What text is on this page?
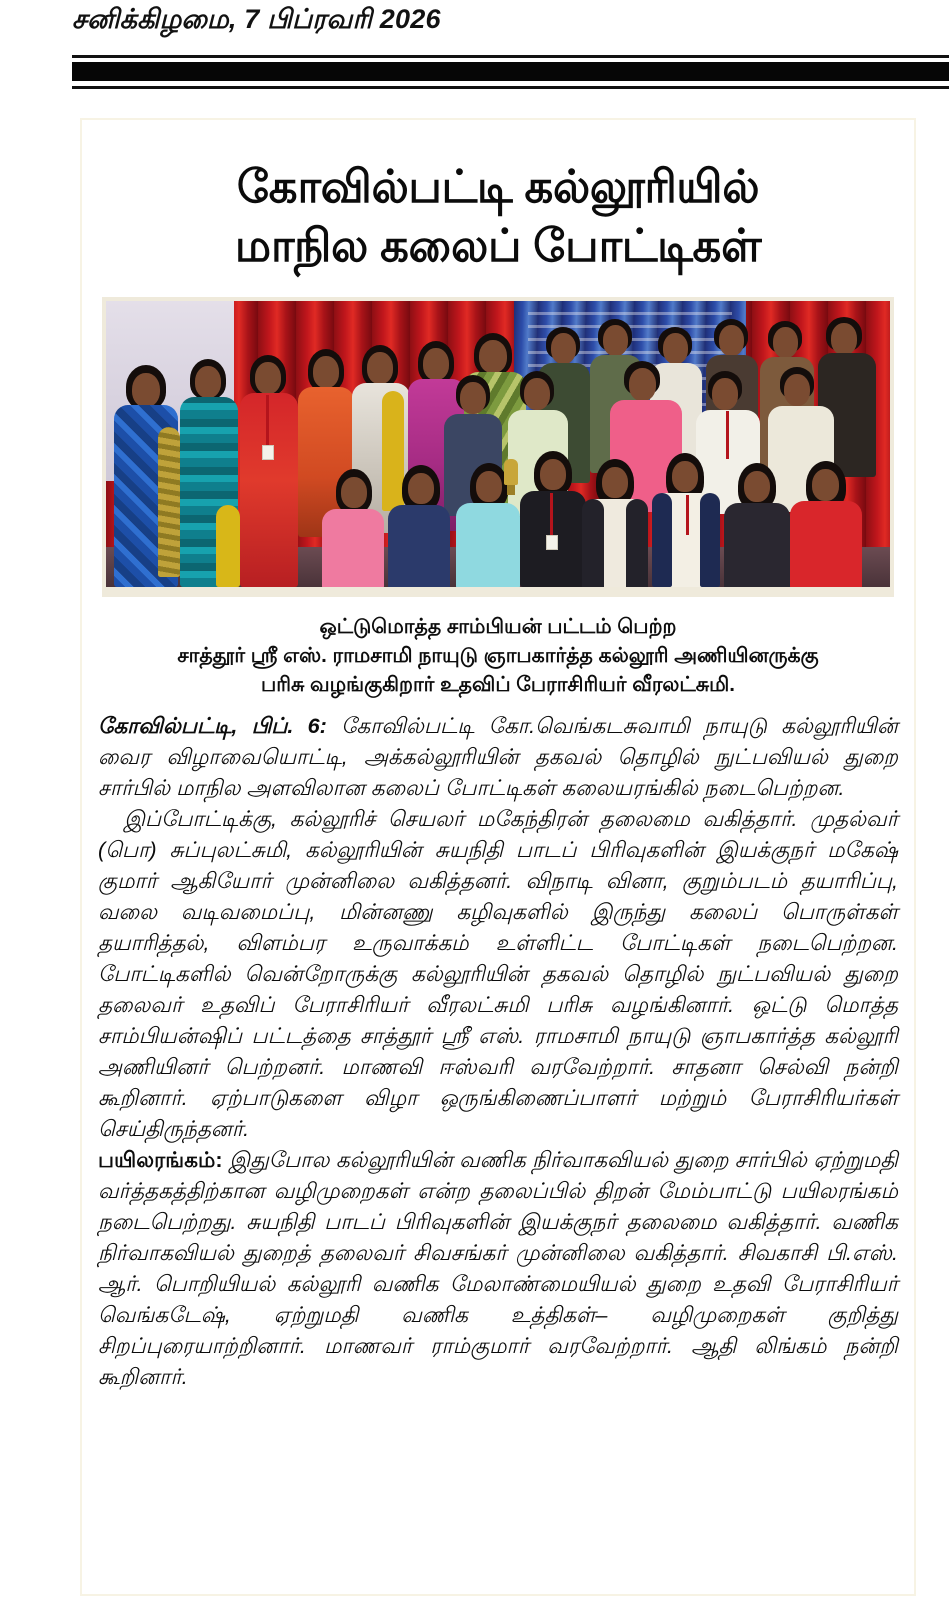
சனிக்கிழமை, 7 பிப்ரவரி 2026
கோவில்பட்டி கல்லூரியில்
மாநில கலைப் போட்டிகள்
ஒட்டுமொத்த சாம்பியன் பட்டம் பெற்ற
சாத்தூர் ஸ்ரீ எஸ். ராமசாமி நாயுடு ஞாபகார்த்த கல்லூரி அணியினருக்கு
பரிசு வழங்குகிறார் உதவிப் பேராசிரியர் வீரலட்சுமி.

கோவில்பட்டி, பிப். 6: கோவில்பட்டி கோ.வெங்கடசுவாமி நாயுடு கல்லூரியின் வைர விழாவையொட்டி, அக்கல்லூரியின் தகவல் தொழில் நுட்பவியல் துறை சார்பில் மாநில அளவிலான கலைப் போட்டிகள் கலையரங்கில் நடைபெற்றன.

இப்போட்டிக்கு, கல்லூரிச் செயலர் மகேந்திரன் தலைமை வகித்தார். முதல்வர் (பொ) சுப்புலட்சுமி, கல்லூரியின் சுயநிதி பாடப் பிரிவுகளின் இயக்குநர் மகேஷ் குமார் ஆகியோர் முன்னிலை வகித்தனர். விநாடி வினா, குறும்படம் தயாரிப்பு, வலை வடிவமைப்பு, மின்னணு கழிவுகளில் இருந்து கலைப் பொருள்கள் தயாரித்தல், விளம்பர உருவாக்கம் உள்ளிட்ட போட்டிகள் நடைபெற்றன. போட்டிகளில் வென்றோருக்கு கல்லூரியின் தகவல் தொழில் நுட்பவியல் துறை தலைவர் உதவிப் பேராசிரியர் வீரலட்சுமி பரிசு வழங்கினார். ஒட்டு மொத்த சாம்பியன்ஷிப் பட்டத்தை சாத்தூர் ஸ்ரீ எஸ். ராமசாமி நாயுடு ஞாபகார்த்த கல்லூரி அணியினர் பெற்றனர். மாணவி ஈஸ்வரி வரவேற்றார். சாதனா செல்வி நன்றி கூறினார். ஏற்பாடுகளை விழா ஒருங்கிணைப்பாளர் மற்றும் பேராசிரியர்கள் செய்திருந்தனர்.

பயிலரங்கம்: இதுபோல கல்லூரியின் வணிக நிர்வாகவியல் துறை சார்பில் ஏற்றுமதி வர்த்தகத்திற்கான வழிமுறைகள் என்ற தலைப்பில் திறன் மேம்பாட்டு பயிலரங்கம் நடைபெற்றது. சுயநிதி பாடப் பிரிவுகளின் இயக்குநர் தலைமை வகித்தார். வணிக நிர்வாகவியல் துறைத் தலைவர் சிவசங்கர் முன்னிலை வகித்தார். சிவகாசி பி.எஸ். ஆர். பொறியியல் கல்லூரி வணிக மேலாண்மையியல் துறை உதவி பேராசிரியர் வெங்கடேஷ், ஏற்றுமதி வணிக உத்திகள்– வழிமுறைகள் குறித்து சிறப்புரையாற்றினார். மாணவர் ராம்குமார் வரவேற்றார். ஆதி லிங்கம் நன்றி கூறினார்.
